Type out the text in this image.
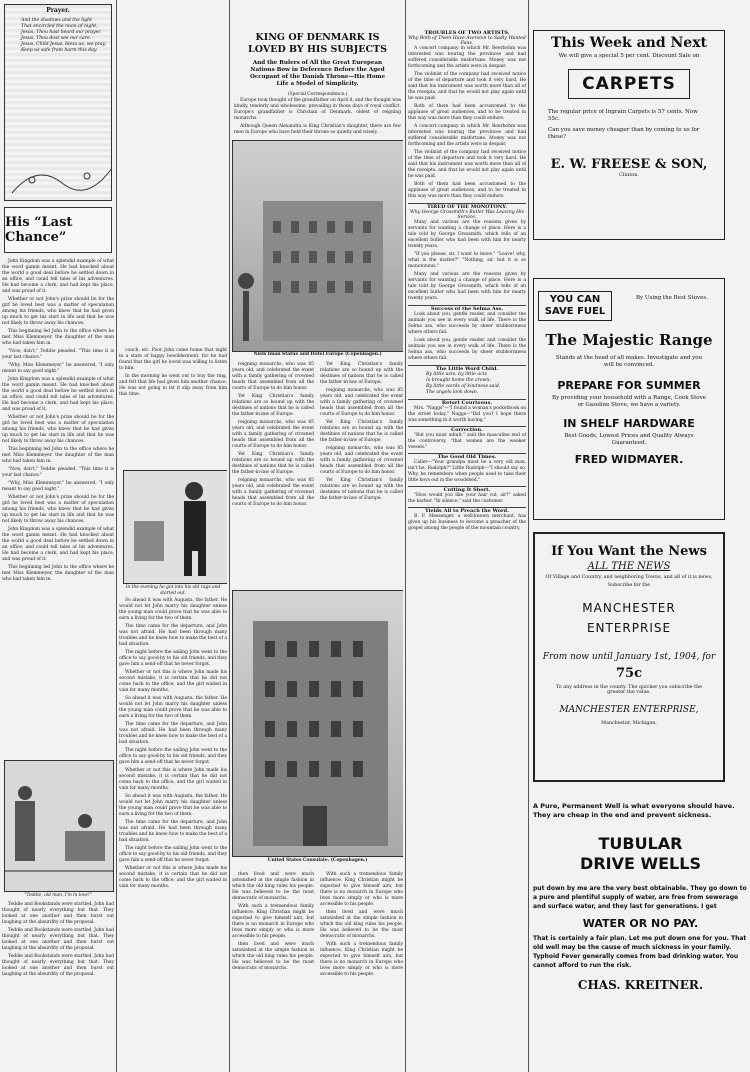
Prayer.
And the shadows and the light
That encircled the noon of night,
Jesus, Thou hast heard our prayer,
Jesus, Thou dost see our care.
Jesus, Child Jesus, bless us, we pray,
Keep us safe from harm this day.
His “Last Chance”

John Kingdom was a splendid example of what the word gamin meant. He had knocked about the world a good deal before he settled down in an office, and could tell tales of his adventures. He had become a clerk, and had kept his place, and was proud of it.

Whether or not John's prize should be for the girl he loved best was a matter of speculation among his friends, who knew that he had given up much to get his start in life and that he was not likely to throw away his chances.

This beginning led John to the office where he met Miss Klemmeyer, the daughter of the man who had taken him in.

"Now, don't," Teddie pleaded. "This time it is your last chance."

"Why, Miss Klemmeyer," he answered, "I only meant to say good night."

John Kingdom was a splendid example of what the word gamin meant. He had knocked about the world a good deal before he settled down in an office, and could tell tales of his adventures. He had become a clerk, and had kept his place, and was proud of it.

Whether or not John's prize should be for the girl he loved best was a matter of speculation among his friends, who knew that he had given up much to get his start in life and that he was not likely to throw away his chances.

This beginning led John to the office where he met Miss Klemmeyer, the daughter of the man who had taken him in.

"Now, don't," Teddie pleaded. "This time it is your last chance."

"Why, Miss Klemmeyer," he answered, "I only meant to say good night."

Whether or not John's prize should be for the girl he loved best was a matter of speculation among his friends, who knew that he had given up much to get his start in life and that he was not likely to throw away his chances.

John Kingdom was a splendid example of what the word gamin meant. He had knocked about the world a good deal before he settled down in an office, and could tell tales of his adventures. He had become a clerk, and had kept his place, and was proud of it.

This beginning led John to the office where he met Miss Klemmeyer, the daughter of the man who had taken him in.

"Teddie, old man, I'm in love!"

Teddie and Bookstands were startled. John had thought of nearly everything but that. They looked at one another and then burst out laughing at the absurdity of the proposal.

Teddie and Bookstands were startled. John had thought of nearly everything but that. They looked at one another and then burst out laughing at the absurdity of the proposal.

Teddie and Bookstands were startled. John had thought of nearly everything but that. They looked at one another and then burst out laughing at the absurdity of the proposal.

couch, etc. Poor John came home that night in a state of happy bewilderment, for he had found that the girl he loved was willing to listen to him.

In the morning he went out to buy the ring, and felt that life had given him another chance. He was not going to let it slip away from him this time.

In the evening he got into his old rags and started out.

So ahead it was with Augusta, the father. He would not let John marry his daughter unless the young man could prove that he was able to earn a living for the two of them.

The time came for the departure, and John was not afraid. He had been through many troubles and he knew how to make the best of a bad situation.

The night before the sailing John went to the office to say good-by to his old friends, and they gave him a send-off that he never forgot.

Whether or not this is where John made his second mistake, it is certain that he did not come back to the office, and the girl waited in vain for many months.

So ahead it was with Augusta, the father. He would not let John marry his daughter unless the young man could prove that he was able to earn a living for the two of them.

The time came for the departure, and John was not afraid. He had been through many troubles and he knew how to make the best of a bad situation.

The night before the sailing John went to the office to say good-by to his old friends, and they gave him a send-off that he never forgot.

Whether or not this is where John made his second mistake, it is certain that he did not come back to the office, and the girl waited in vain for many months.

So ahead it was with Augusta, the father. He would not let John marry his daughter unless the young man could prove that he was able to earn a living for the two of them.

The time came for the departure, and John was not afraid. He had been through many troubles and he knew how to make the best of a bad situation.

The night before the sailing John went to the office to say good-by to his old friends, and they gave him a send-off that he never forgot.

Whether or not this is where John made his second mistake, it is certain that he did not come back to the office, and the girl waited in vain for many months.

KING OF DENMARK IS LOVED BY HIS SUBJECTS
And the Rulers of All the Great European Nations Bow in Deference Before the Aged Occupant of the Danish Throne—His Home Life a Model of Simplicity.
(Special Correspondence.)

Europe took thought of the grandfather on April 8, and the thought was kindly, tenderly and wholesome, prevailing in those days of royal conflict. Europe's grandfather is Christian of Denmark, oldest of reigning monarchs.

Although Queen Alexandra is King Christian's daughter, there are few men in Europe who have held their throne so quietly and wisely.

Niels Iman Statue and Hotel Europe (Copenhagen.)

reigning monarchs, who was 85 years old, and celebrated the event with a family gathering of crowned heads that assembled from all the courts of Europe to do him honor.

Yet King Christian's family relations are so bound up with the destinies of nations that he is called the father-in-law of Europe.

reigning monarchs, who was 85 years old, and celebrated the event with a family gathering of crowned heads that assembled from all the courts of Europe to do him honor.

Yet King Christian's family relations are so bound up with the destinies of nations that he is called the father-in-law of Europe.

reigning monarchs, who was 85 years old, and celebrated the event with a family gathering of crowned heads that assembled from all the courts of Europe to do him honor.

Yet King Christian's family relations are so bound up with the destinies of nations that he is called the father-in-law of Europe.

reigning monarchs, who was 85 years old, and celebrated the event with a family gathering of crowned heads that assembled from all the courts of Europe to do him honor.

Yet King Christian's family relations are so bound up with the destinies of nations that he is called the father-in-law of Europe.

reigning monarchs, who was 85 years old, and celebrated the event with a family gathering of crowned heads that assembled from all the courts of Europe to do him honor.

Yet King Christian's family relations are so bound up with the destinies of nations that he is called the father-in-law of Europe.

United States Consulate. (Copenhagen.)

then lived and were much astonished at the simple fashion in which the old king rules his people. He was believed to be the most democratic of monarchs.

With such a tremendous family influence, King Christian might be expected to give himself airs, but there is no monarch in Europe who lives more simply or who is more accessible to his people.

then lived and were much astonished at the simple fashion in which the old king rules his people. He was believed to be the most democratic of monarchs.

With such a tremendous family influence, King Christian might be expected to give himself airs, but there is no monarch in Europe who lives more simply or who is more accessible to his people.

then lived and were much astonished at the simple fashion in which the old king rules his people. He was believed to be the most democratic of monarchs.

With such a tremendous family influence, King Christian might be expected to give himself airs, but there is no monarch in Europe who lives more simply or who is more accessible to his people.

TROUBLES OF TWO ARTISTS.
Why Both of Them Have Aversion to Sadly Wanted Fans.

A concert company in which Mr. Beerbohm was interested was touring the provinces and had suffered considerable misfortune. Money was not forthcoming and the artists were in despair.

The violinist of the company had received notice of the time of departure and took it very hard. He said that his instrument was worth more than all of the receipts, and that he would not play again until he was paid.

Both of them had been accustomed to the applause of great audiences, and to be treated in this way was more than they could endure.

A concert company in which Mr. Beerbohm was interested was touring the provinces and had suffered considerable misfortune. Money was not forthcoming and the artists were in despair.

The violinist of the company had received notice of the time of departure and took it very hard. He said that his instrument was worth more than all of the receipts, and that he would not play again until he was paid.

Both of them had been accustomed to the applause of great audiences, and to be treated in this way was more than they could endure.

TIRED OF THE MONOTONY.
Why George Grossmith's Butler Was Leaving His Service.

Many and various are the reasons given by servants for wanting a change of place. Here is a tale told by George Grossmith, which tells of an excellent butler who had been with him for nearly twenty years.

"If you please, sir, I want to leave." "Leave! why, what is the matter?" "Nothing, sir, but it is so monotonous."

Many and various are the reasons given by servants for wanting a change of place. Here is a tale told by George Grossmith, which tells of an excellent butler who had been with him for nearly twenty years.

Success of the Selma Ass.

Look about you, gentle reader, and consider the animals you see in every walk of life. There is the Selma ass, who succeeds by sheer stubbornness where others fail.

Look about you, gentle reader, and consider the animals you see in every walk of life. There is the Selma ass, who succeeds by sheer stubbornness where others fail.

The Little Word Child.
By little acts, by little acts
Is brought home the crown;
By little words of kindness said,
The angels look down.
Retort Courteous.

Mrs. "Naggs"—"I found a woman's pocketbook on the street today." Naggs—"Did you? I hope there was something in it worth having."

Correction.

"But you must admit," said the masculine end of the controversy, "that women are the weaker vessels."

The Good Old Times.

Caller—"Your grandpa must be a very old man, isn't he, Rudolph?" Little Rudolph—"I should say so. Why, he remembers when people used to take their little boys out in the woodshed."

Cutting It Short.

"How would you like your hair cut, sir?" asked the barber. "In silence," said the customer.

Yields All to Preach the Word.

B. F. Messenger, a well-known merchant, has given up his business to become a preacher of the gospel among the people of the mountain country.

This Week and Next
We will give a special 5 per cent. Discount Sale on
CARPETS
The regular price of Ingrain Carpets is 57 cents. Now 55c.
Can you save money cheaper than by coming to us for these?
E. W. FREESE & SON,
Clinton.
YOU CAN SAVE FUEL
By Using the Best Stoves.
The Majestic Range
Stands at the head of all makes. Investigate and you will be convinced.
PREPARE FOR SUMMER
By providing your household with a Range, Cook Stove or Gasoline Stove, we have a variety.
IN SHELF HARDWARE
Best Goods, Lowest Prices and Quality Always Guaranteed.
FRED WIDMAYER.
If You Want the News
ALL THE NEWS
Of Village and Country, and neighboring Towns, and all of it is news,
Subscribe for the
MANCHESTER ENTERPRISE
From now until January 1st, 1904, for
75c
To any address in the county. The quicker you subscribe the greater the value.
MANCHESTER ENTERPRISE,
Manchester, Michigan.
A Pure, Permanent Well is what everyone should have. They are cheap in the end and prevent sickness.
TUBULAR
DRIVE WELLS
put down by me are the very best obtainable. They go down to a pure and plentiful supply of water, are free from sewerage and surface water, and they last for generations. I get
WATER OR NO PAY.
That is certainly a fair plan. Let me put down one for you. That old well may be the cause of much sickness in your family. Typhoid Fever generally comes from bad drinking water. You cannot afford to run the risk.
CHAS. KREITNER.
